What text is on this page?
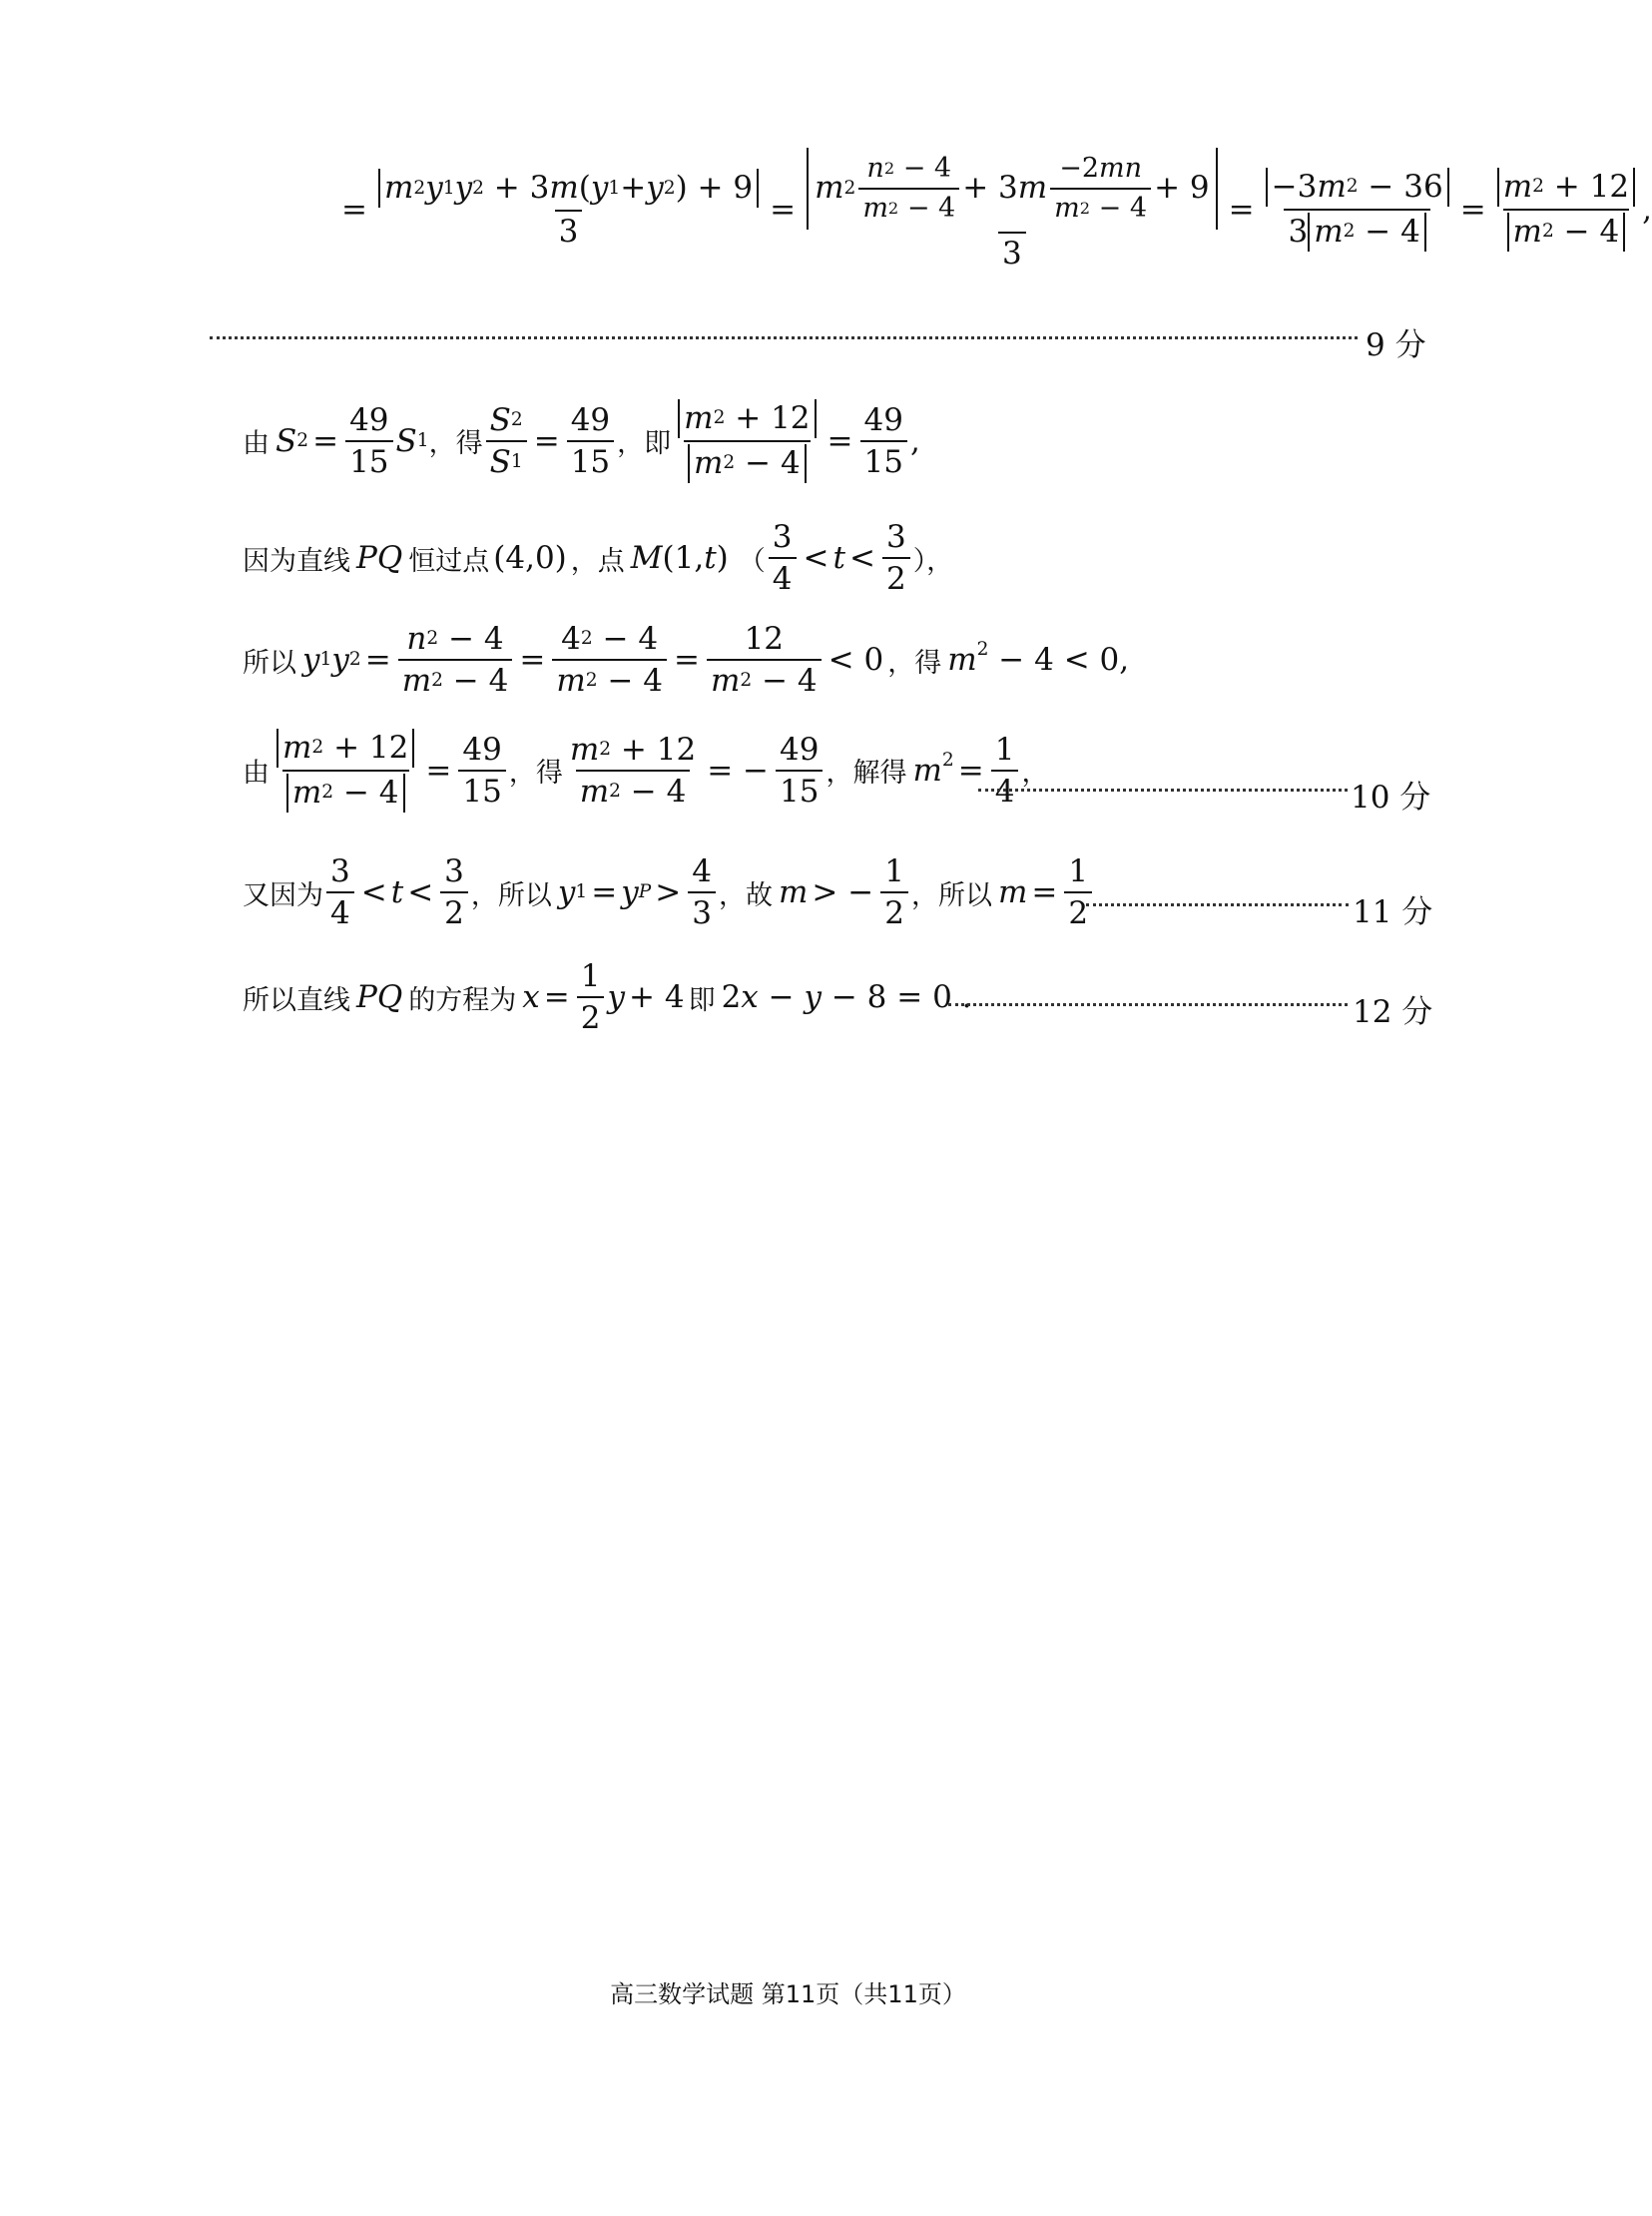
= $\frac{m 2 y 1 y 2 + 3 m ( y 1 + y 2 ) + 9}{3} = \frac{m 2 \frac{n 2 - 4}{m 2 - 4} + 3 m \frac{-2 mn}{m 2 - 4} + 9}{3} = \frac{-3 m 2 - 36}{3 m 2 - 4} = \frac{m 2 + 12}{m 2 - 4}$ ,
9 分
由 S $2 = \frac{49}{15}$ S 1 ，得 $\frac{S 2}{S 1} = \frac{49}{15}$ ，即 $\frac{m 2 + 12}{m 2 - 4} = \frac{49}{15}$ ,
因为直线 PQ 恒过点 (4,0) ，点 M(1,t) （ $\frac{3}{4} < t < \frac{3}{2}$ ），
所以 y 1 y $2 = \frac{n 2 - 4}{m 2 - 4} = \frac{4 2 - 4}{m 2 - 4} = \frac{12}{m 2 - 4} < 0$ ，得 $m^2 - 4 < 0$ ,
由 $\frac{m 2 + 12}{m 2 - 4} = \frac{49}{15}$ ，得 $\frac{m 2 + 12}{m 2 - 4}$ = − $\frac{49}{15}$ ，解得 $m^2 = \frac{1}{4}$ ，
10 分
又因为 $\frac{3}{4} < t < \frac{3}{2}$ ，所以 y 1 = y $P > \frac{4}{3}$ ，故 m > − $\frac{1}{2}$ ，所以 $m = \frac{1}{2}$	11 分
所以直线 PQ 的方程为 $x = \frac{1}{2}$ y + 4 即 2x − y − 8 = 0 .	12 分
高三数学试题 第11页（共11页）
